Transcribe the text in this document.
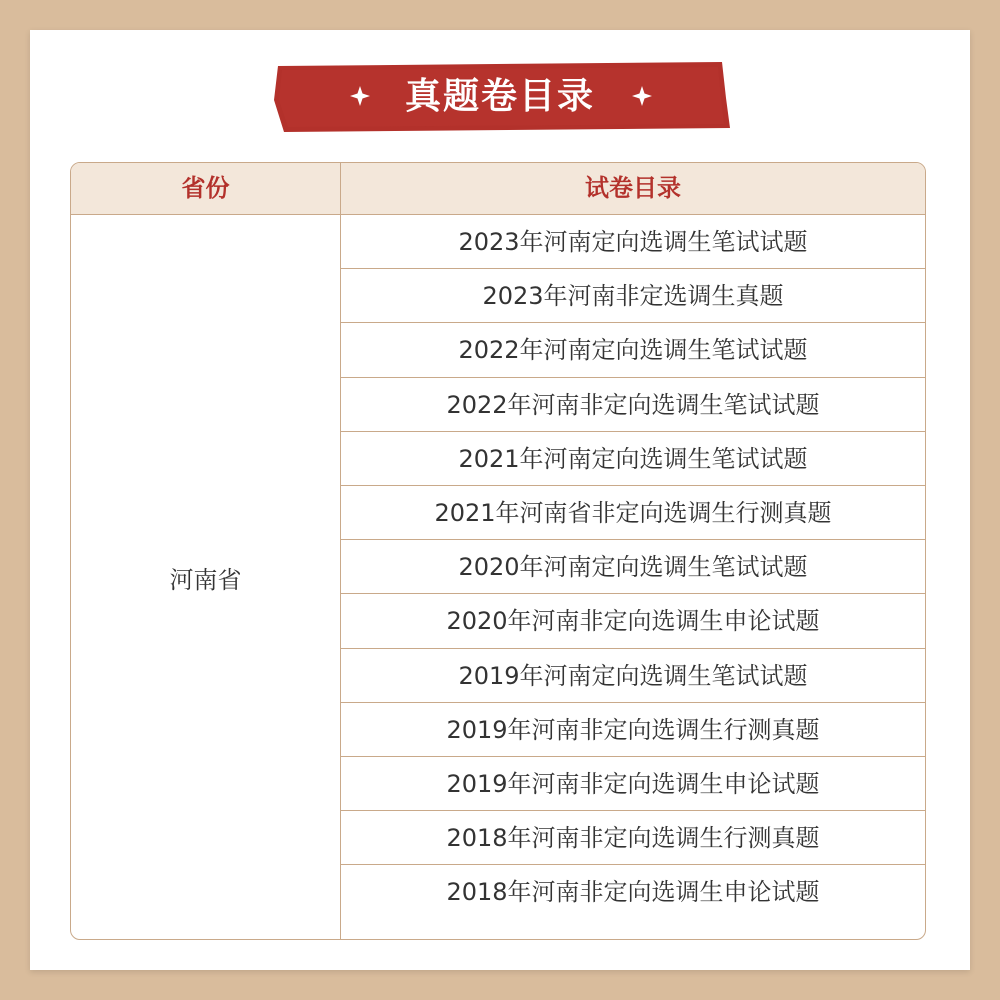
真题卷目录
省份	试卷目录
河南省
2023年河南定向选调生笔试试题
2023年河南非定选调生真题
2022年河南定向选调生笔试试题
2022年河南非定向选调生笔试试题
2021年河南定向选调生笔试试题
2021年河南省非定向选调生行测真题
2020年河南定向选调生笔试试题
2020年河南非定向选调生申论试题
2019年河南定向选调生笔试试题
2019年河南非定向选调生行测真题
2019年河南非定向选调生申论试题
2018年河南非定向选调生行测真题
2018年河南非定向选调生申论试题
